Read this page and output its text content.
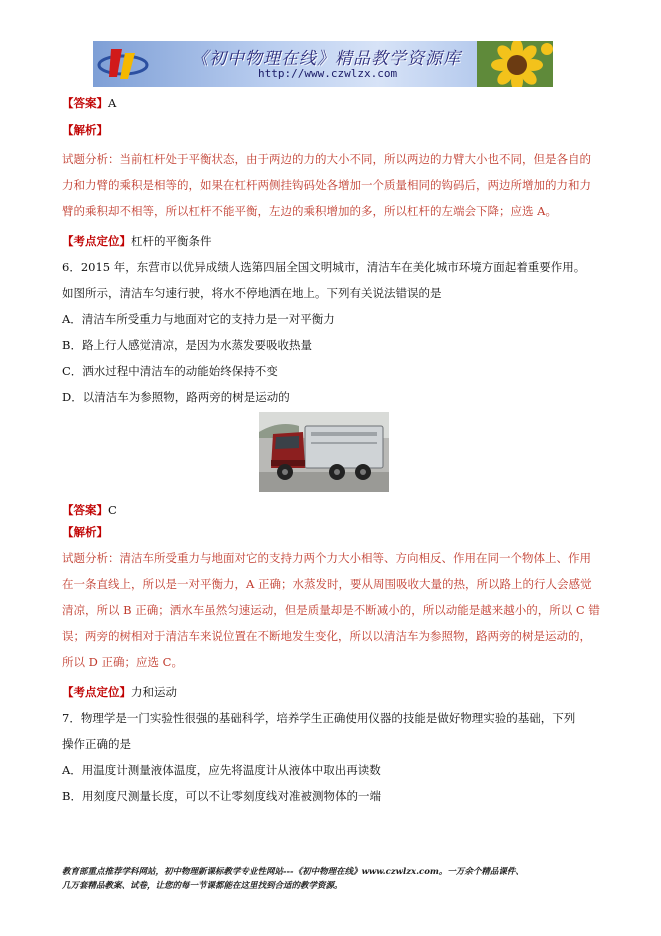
《初中物理在线》精品教学资源库
http://www.czwlzx.com
【答案】A
【解析】
试题分析：当前杠杆处于平衡状态，由于两边的力的大小不同，所以两边的力臂大小也不同，但是各自的
力和力臂的乘积是相等的，如果在杠杆两侧挂钩码处各增加一个质量相同的钩码后，两边所增加的力和力
臂的乘积却不相等，所以杠杆不能平衡，左边的乘积增加的多，所以杠杆的左端会下降；应选 A。
【考点定位】杠杆的平衡条件
6．2015 年，东营市以优异成绩人选第四届全国文明城市，清洁车在美化城市环境方面起着重要作用。
如图所示，清洁车匀速行驶，将水不停地洒在地上。下列有关说法错误的是
A．清洁车所受重力与地面对它的支持力是一对平衡力
B．路上行人感觉清凉，是因为水蒸发要吸收热量
C．洒水过程中清洁车的动能始终保持不变
D．以清洁车为参照物，路两旁的树是运动的
【答案】C
【解析】
试题分析：清洁车所受重力与地面对它的支持力两个力大小相等、方向相反、作用在同一个物体上、作用
在一条直线上，所以是一对平衡力，A 正确；水蒸发时，要从周围吸收大量的热，所以路上的行人会感觉
清凉，所以 B 正确；洒水车虽然匀速运动，但是质量却是不断减小的，所以动能是越来越小的，所以 C 错
误；两旁的树相对于清洁车来说位置在不断地发生变化，所以以清洁车为参照物，路两旁的树是运动的，
所以 D 正确；应选 C。
【考点定位】力和运动
7．物理学是一门实验性很强的基础科学，培养学生正确使用仪器的技能是做好物理实验的基础，下列
操作正确的是
A．用温度计测量液体温度，应先将温度计从液体中取出再读数
B．用刻度尺测量长度，可以不让零刻度线对准被测物体的一端
教育部重点推荐学科网站，初中物理新课标教学专业性网站---《初中物理在线》www.czwlzx.com。一万余个精品课件、
几万套精品教案、试卷，让您的每一节课都能在这里找到合适的教学资源。
